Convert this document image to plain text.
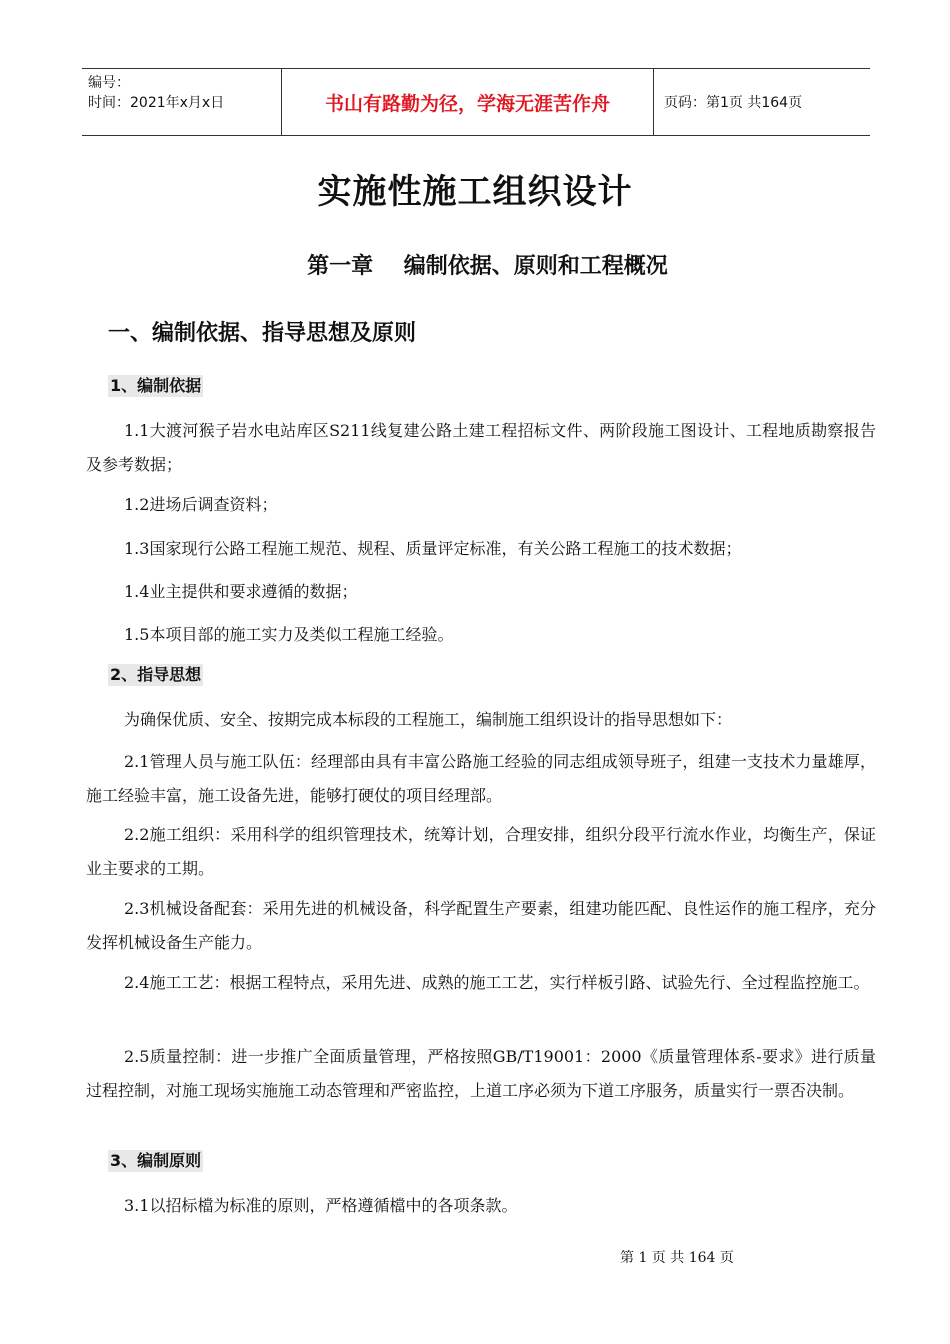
编号：
时间：2021年x月x日	书山有路勤为径，学海无涯苦作舟	页码：第1页 共164页
实施性施工组织设计
第一章    编制依据、原则和工程概况
一、编制依据、指导思想及原则
1、编制依据
1.1大渡河猴子岩水电站库区S211线复建公路土建工程招标文件、两阶段施工图设计、工程地质勘察报告及参考数据；
1.2进场后调查资料；
1.3国家现行公路工程施工规范、规程、质量评定标准，有关公路工程施工的技术数据；
1.4业主提供和要求遵循的数据；
1.5本项目部的施工实力及类似工程施工经验。
2、指导思想
为确保优质、安全、按期完成本标段的工程施工，编制施工组织设计的指导思想如下：
2.1管理人员与施工队伍：经理部由具有丰富公路施工经验的同志组成领导班子，组建一支技术力量雄厚，施工经验丰富，施工设备先进，能够打硬仗的项目经理部。
2.2施工组织：采用科学的组织管理技术，统筹计划，合理安排，组织分段平行流水作业，均衡生产，保证业主要求的工期。
2.3机械设备配套：采用先进的机械设备，科学配置生产要素，组建功能匹配、良性运作的施工程序，充分发挥机械设备生产能力。
2.4施工工艺：根据工程特点，采用先进、成熟的施工工艺，实行样板引路、试验先行、全过程监控施工。
2.5质量控制：进一步推广全面质量管理，严格按照GB/T19001：2000《质量管理体系-要求》进行质量过程控制，对施工现场实施施工动态管理和严密监控，上道工序必须为下道工序服务，质量实行一票否决制。
3、编制原则
3.1以招标檔为标准的原则，严格遵循檔中的各项条款。
第 1 页 共 164 页
